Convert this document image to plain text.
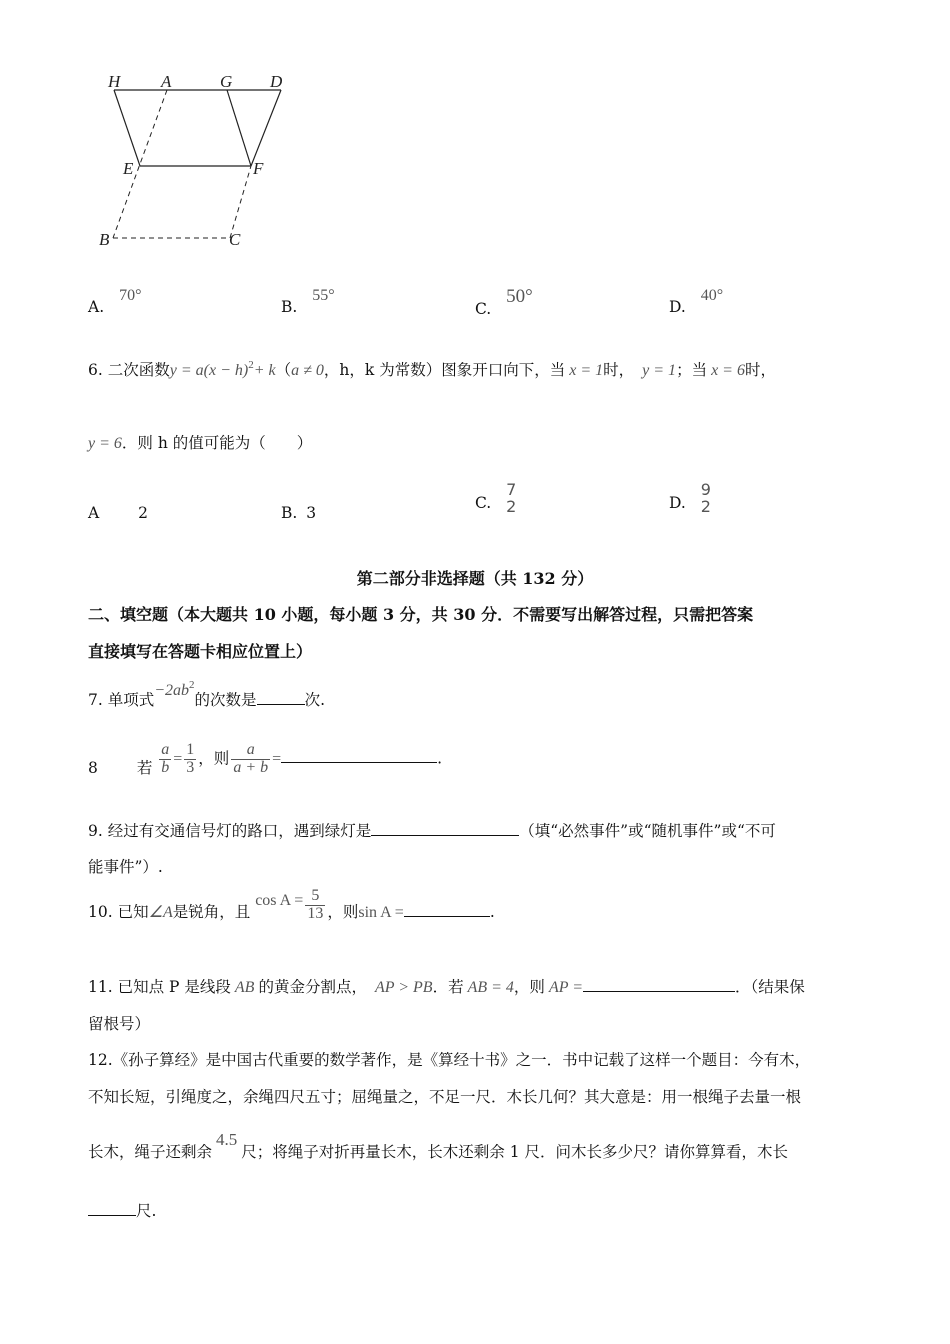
H A	G D
E	F
B	C
A. 70°
B. 55°
C. 50°	D. 40°
6. 二次函数$y = a(x - h)^2+ k(a \ne 0$，h，k 为常数）图象开口向下，当 x = 1时， y = 1；当 x = 6时，
y = 6．则 h 的值可能为（　　）
A	2	B. 3
C.
7
2	D.
9
2
第二部分非选择题（共 132 分）
二、填空题（本大题共 10 小题，每小题 3 分，共 30 分．不需要写出解答过程，只需把答案
直接填写在答题卡相应位置上）
7. 单项式$-2ab^2$的次数是	次.
8	若 $\frac{a}{b} = \frac{1}{3}$ ，则 $\frac{a}{a + b}$ =	.
9. 经过有交通信号灯的路口，遇到绿灯是	（填“必然事件”或“随机事件”或“不可
能事件”）.
10. 已知∠A是锐角，且 $\cos A = \frac{5}{13}$ ，则sin A =	.
11. 已知点 P 是线段 AB 的黄金分割点， AP > PB．若 AB = 4，则 AP =	．（结果保
留根号）
12.《孙子算经》是中国古代重要的数学著作，是《算经十书》之一．书中记载了这样一个题目：今有木，
不知长短，引绳度之，余绳四尺五寸；屈绳量之，不足一尺．木长几何？其大意是：用一根绳子去量一根
长木，绳子还剩余4.5尺；将绳子对折再量长木，长木还剩余 1 尺．问木长多少尺？请你算算看，木长
尺.
